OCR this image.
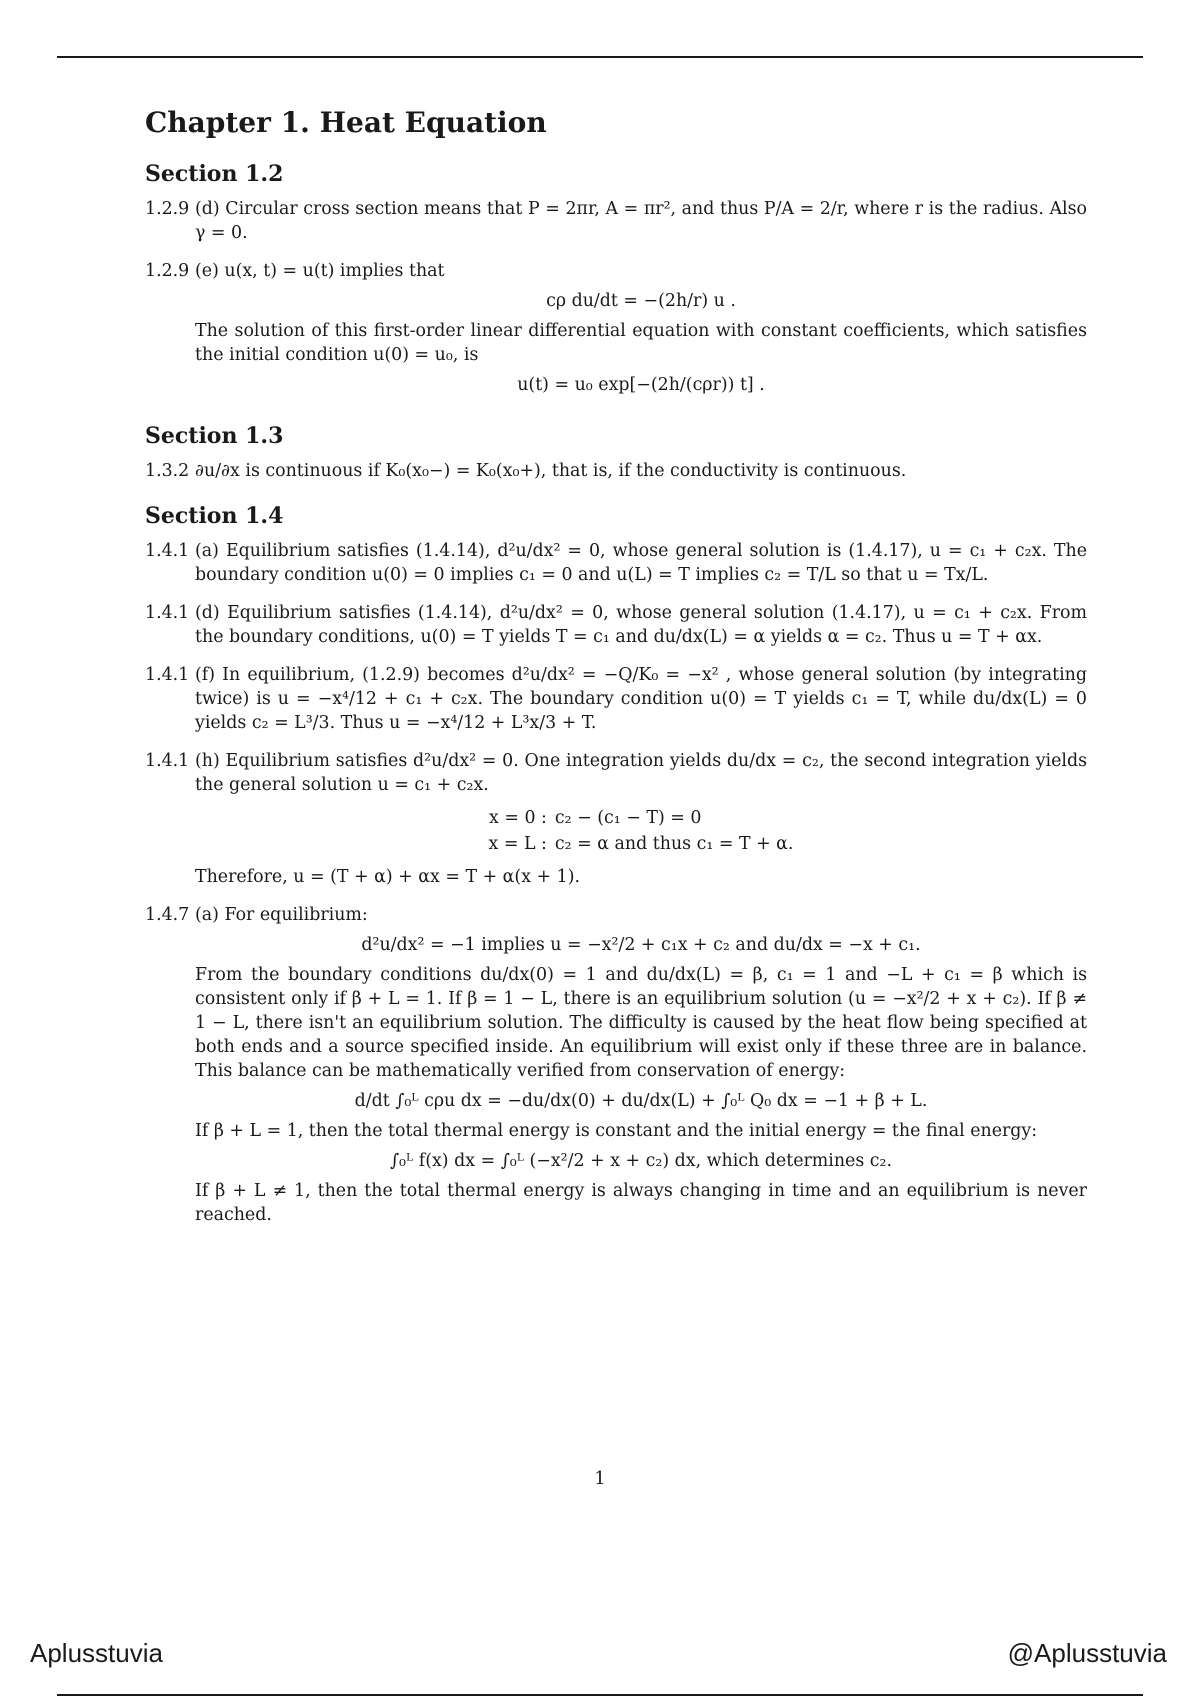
Chapter 1. Heat Equation
Section 1.2
1.2.9 (d) Circular cross section means that P = 2πr, A = πr², and thus P/A = 2/r, where r is the radius. Also γ = 0.
1.2.9 (e) u(x, t) = u(t) implies that
cρ du/dt = −(2h/r) u .
The solution of this first-order linear differential equation with constant coefficients, which satisfies the initial condition u(0) = u₀, is
u(t) = u₀ exp[−(2h/(cρr)) t] .
Section 1.3
1.3.2 ∂u/∂x is continuous if K₀(x₀−) = K₀(x₀+), that is, if the conductivity is continuous.
Section 1.4
1.4.1 (a) Equilibrium satisfies (1.4.14), d²u/dx² = 0, whose general solution is (1.4.17), u = c₁ + c₂x. The boundary condition u(0) = 0 implies c₁ = 0 and u(L) = T implies c₂ = T/L so that u = Tx/L.
1.4.1 (d) Equilibrium satisfies (1.4.14), d²u/dx² = 0, whose general solution (1.4.17), u = c₁ + c₂x. From the boundary conditions, u(0) = T yields T = c₁ and du/dx(L) = α yields α = c₂. Thus u = T + αx.
1.4.1 (f) In equilibrium, (1.2.9) becomes d²u/dx² = −Q/K₀ = −x² , whose general solution (by integrating twice) is u = −x⁴/12 + c₁ + c₂x. The boundary condition u(0) = T yields c₁ = T, while du/dx(L) = 0 yields c₂ = L³/3. Thus u = −x⁴/12 + L³x/3 + T.
1.4.1 (h) Equilibrium satisfies d²u/dx² = 0. One integration yields du/dx = c₂, the second integration yields the general solution u = c₁ + c₂x.
x = 0 :	c₂ − (c₁ − T) = 0
x = L :	c₂ = α and thus c₁ = T + α.
Therefore, u = (T + α) + αx = T + α(x + 1).
1.4.7 (a) For equilibrium:
d²u/dx² = −1 implies u = −x²/2 + c₁x + c₂ and du/dx = −x + c₁.
From the boundary conditions du/dx(0) = 1 and du/dx(L) = β, c₁ = 1 and −L + c₁ = β which is consistent only if β + L = 1. If β = 1 − L, there is an equilibrium solution (u = −x²/2 + x + c₂). If β ≠ 1 − L, there isn't an equilibrium solution. The difficulty is caused by the heat flow being specified at both ends and a source specified inside. An equilibrium will exist only if these three are in balance. This balance can be mathematically verified from conservation of energy:
d/dt ∫₀ᴸ cρu dx = −du/dx(0) + du/dx(L) + ∫₀ᴸ Q₀ dx = −1 + β + L.
If β + L = 1, then the total thermal energy is constant and the initial energy = the final energy:
∫₀ᴸ f(x) dx = ∫₀ᴸ (−x²/2 + x + c₂) dx, which determines c₂.
If β + L ≠ 1, then the total thermal energy is always changing in time and an equilibrium is never reached.
1
Aplusstuvia	@Aplusstuvia
